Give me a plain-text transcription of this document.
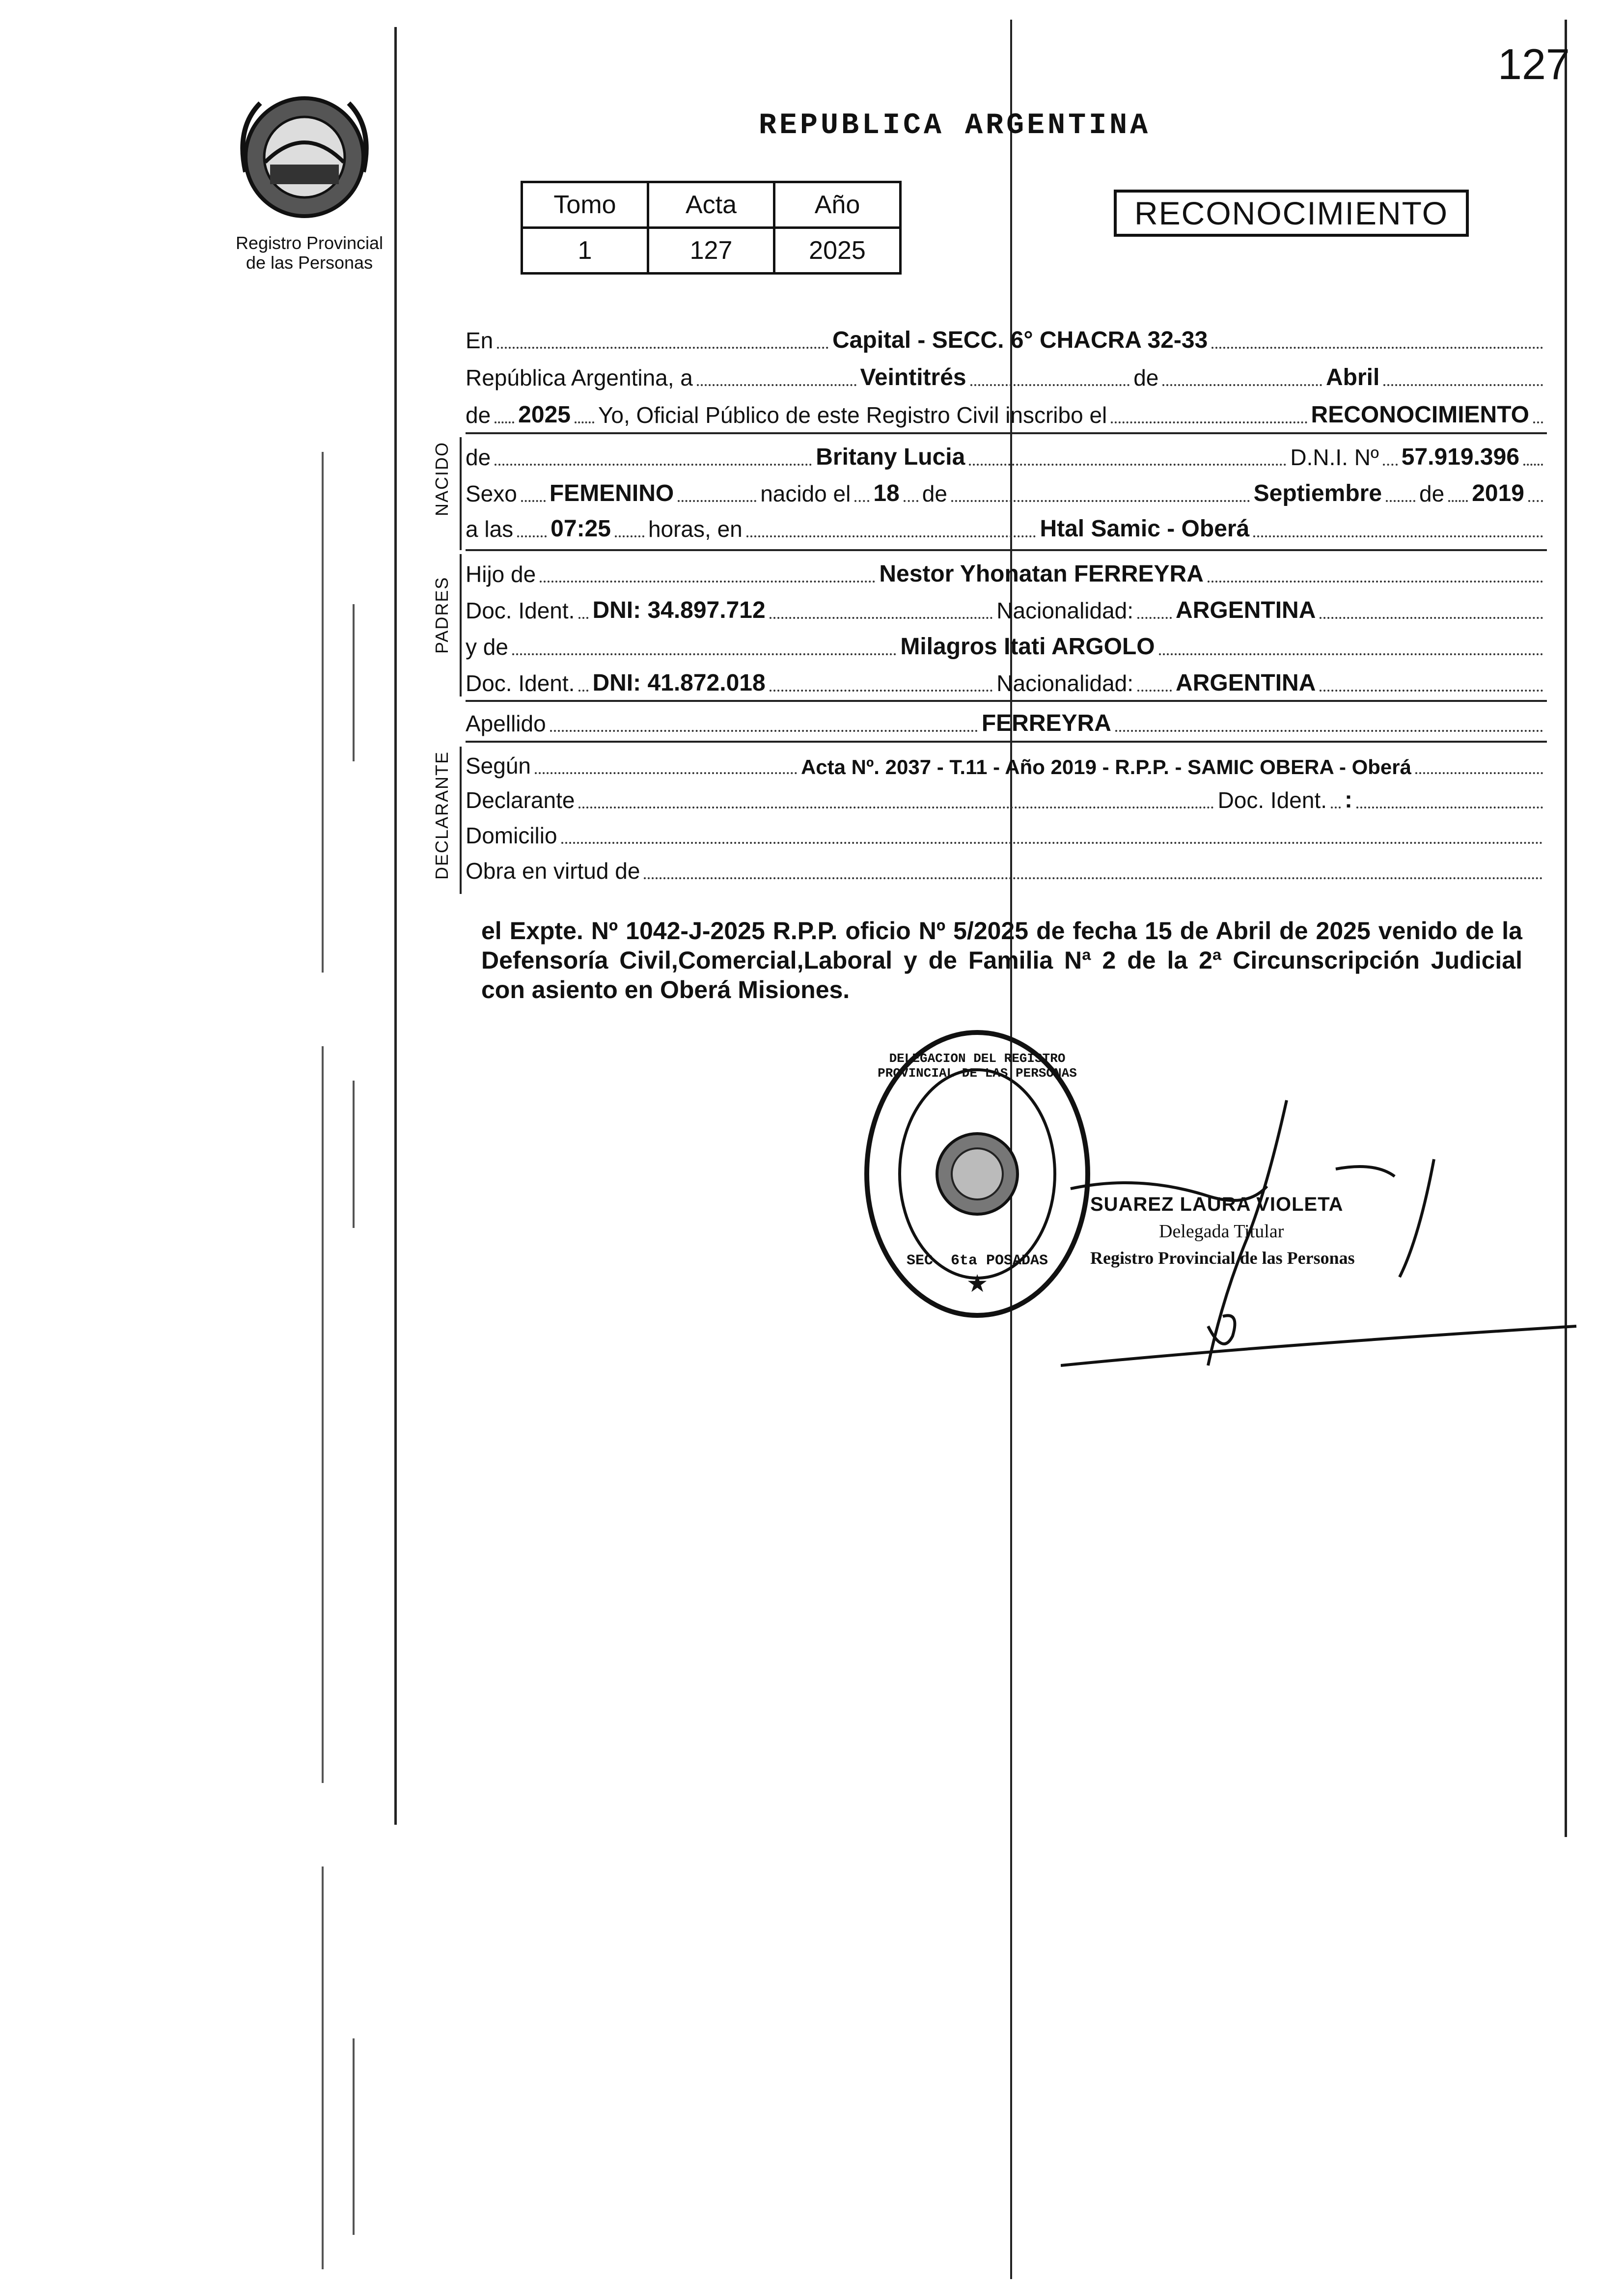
127
Registro Provincial
de las Personas
REPUBLICA ARGENTINA
Tomo	Acta	Año
1	127	2025
RECONOCIMIENTO
En	Capital - SECC. 6° CHACRA 32-33
República Argentina, a	Veintitrés	de	Abril
de 2025 Yo, Oficial Público de este Registro Civil inscribo el	RECONOCIMIENTO
NACIDO de	Britany Lucia	D.N.I. Nº 57.919.396
Sexo FEMENINO	nacido el 18 de	Septiembre de 2019
a las 07:25 horas, en	Htal Samic - Oberá
PADRES
Hijo de	Nestor Yhonatan FERREYRA
Doc. Ident. DNI: 34.897.712	Nacionalidad: ARGENTINA
y de	Milagros Itati ARGOLO
Doc. Ident. DNI: 41.872.018	Nacionalidad: ARGENTINA
Apellido	FERREYRA
DECLARANTE Según	Acta Nº. 2037 - T.11 - Año 2019 - R.P.P. - SAMIC OBERA - Oberá
Declarante	Doc. Ident. :
Domicilio
Obra en virtud de
el Expte. Nº 1042-J-2025 R.P.P. oficio Nº 5/2025 de fecha 15 de Abril de 2025 venido de la Defensoría Civil,Comercial,Laboral y de Familia Nª 2 de la 2ª Circunscripción Judicial con asiento en Oberá Misiones.
★
DELEGACION DEL REGISTRO PROVINCIAL DE LAS PERSONAS
SEC. 6ta POSADAS
SUAREZ LAURA VIOLETA
Delegada Titular
Registro Provincial de las Personas
